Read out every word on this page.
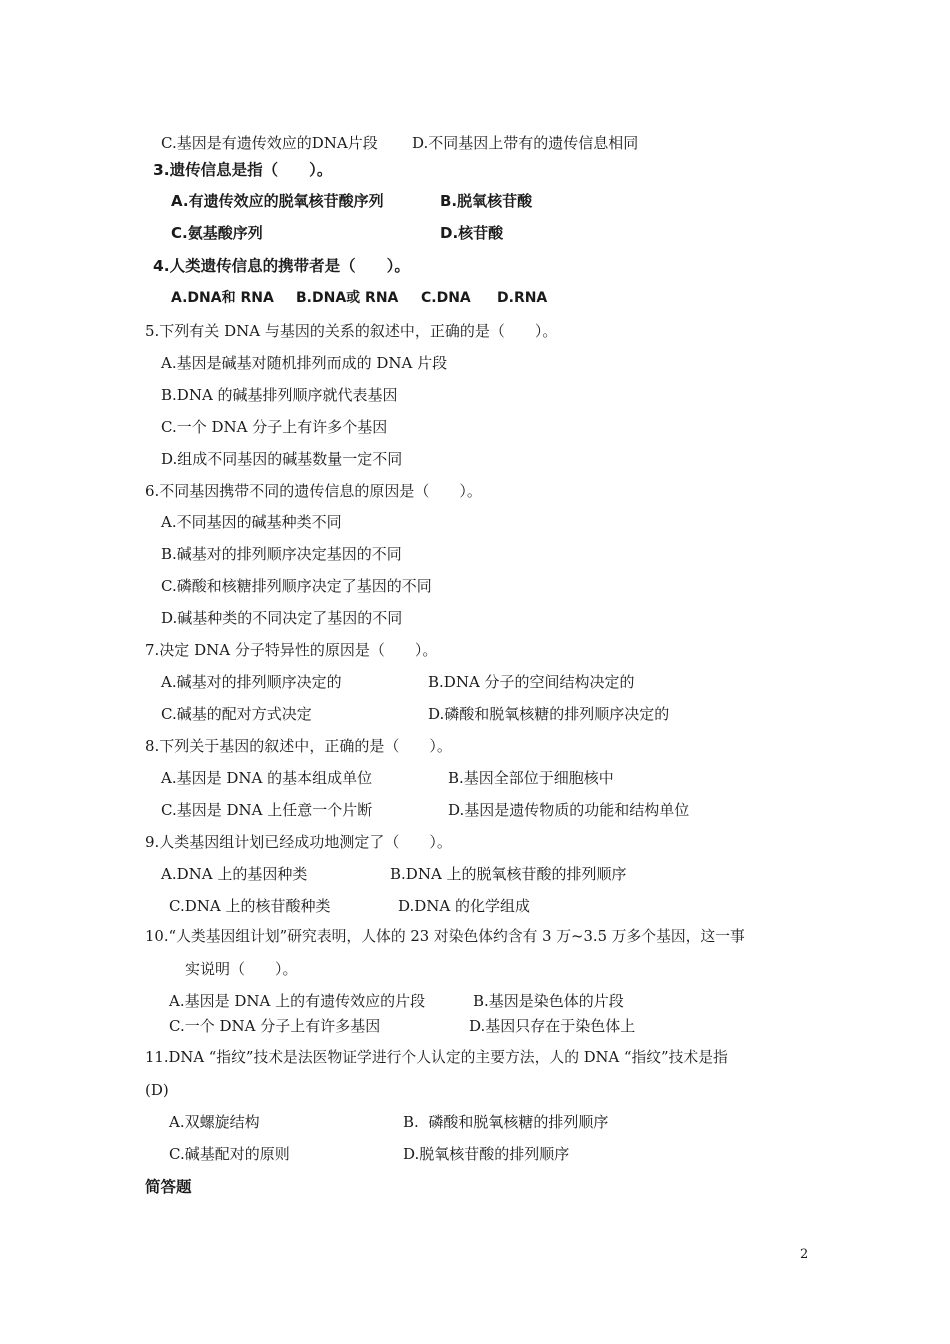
C.基因是有遗传效应的DNA片段 D.不同基因上带有的遗传信息相同
3.遗传信息是指（　　）。
A.有遗传效应的脱氧核苷酸序列	B.脱氧核苷酸
C.氨基酸序列	D.核苷酸
4.人类遗传信息的携带者是（　　）。
A.DNA和 RNA B.DNA或 RNA C.DNA D.RNA
5.下列有关 DNA 与基因的关系的叙述中，正确的是（　　）。
A.基因是碱基对随机排列而成的 DNA 片段
B.DNA 的碱基排列顺序就代表基因
C.一个 DNA 分子上有许多个基因
D.组成不同基因的碱基数量一定不同
6.不同基因携带不同的遗传信息的原因是（　　）。
A.不同基因的碱基种类不同
B.碱基对的排列顺序决定基因的不同
C.磷酸和核糖排列顺序决定了基因的不同
D.碱基种类的不同决定了基因的不同
7.决定 DNA 分子特异性的原因是（　　）。
A.碱基对的排列顺序决定的	B.DNA 分子的空间结构决定的
C.碱基的配对方式决定	D.磷酸和脱氧核糖的排列顺序决定的
8.下列关于基因的叙述中，正确的是（　　）。
A.基因是 DNA 的基本组成单位	B.基因全部位于细胞核中
C.基因是 DNA 上任意一个片断	D.基因是遗传物质的功能和结构单位
9.人类基因组计划已经成功地测定了（　　）。
A.DNA 上的基因种类	B.DNA 上的脱氧核苷酸的排列顺序
C.DNA 上的核苷酸种类	D.DNA 的化学组成
10.“人类基因组计划”研究表明，人体的 23 对染色体约含有 3 万~3.5 万多个基因，这一事
实说明（　　）。
A.基因是 DNA 上的有遗传效应的片段	B.基因是染色体的片段
C.一个 DNA 分子上有许多基因	D.基因只存在于染色体上
11.DNA “指纹”技术是法医物证学进行个人认定的主要方法，人的 DNA “指纹”技术是指
(D)
A.双螺旋结构	B.  磷酸和脱氧核糖的排列顺序
C.碱基配对的原则	D.脱氧核苷酸的排列顺序
简答题
2
